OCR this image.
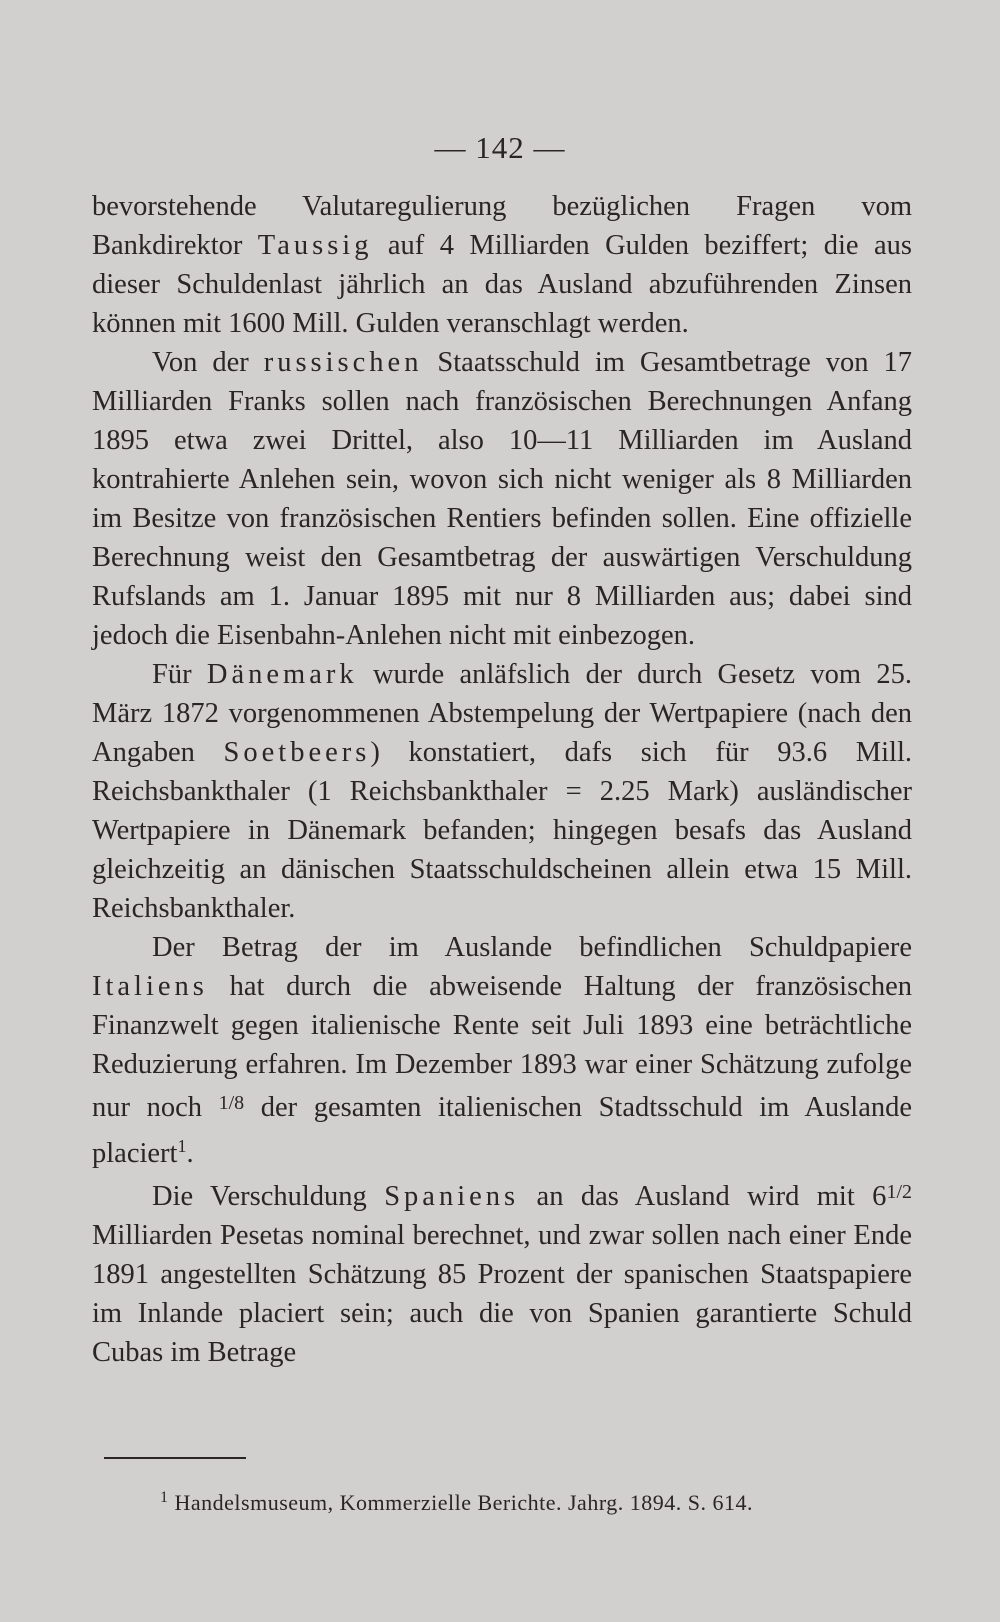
— 142 —

bevorstehende Valutaregulierung bezüglichen Fragen vom Bankdirektor Taussig auf 4 Milliarden Gulden beziffert; die aus dieser Schuldenlast jährlich an das Ausland abzuführenden Zinsen können mit 1600 Mill. Gulden veranschlagt werden.

Von der russischen Staatsschuld im Gesamtbetrage von 17 Milliarden Franks sollen nach französischen Berechnungen Anfang 1895 etwa zwei Drittel, also 10—11 Milliarden im Ausland kontrahierte Anlehen sein, wovon sich nicht weniger als 8 Milliarden im Besitze von französischen Rentiers befinden sollen. Eine offizielle Berechnung weist den Gesamtbetrag der auswärtigen Verschuldung Rufslands am 1. Januar 1895 mit nur 8 Milliarden aus; dabei sind jedoch die Eisenbahn-Anlehen nicht mit einbezogen.

Für Dänemark wurde anläfslich der durch Gesetz vom 25. März 1872 vorgenommenen Abstempelung der Wertpapiere (nach den Angaben Soetbeers) konstatiert, dafs sich für 93.6 Mill. Reichsbankthaler (1 Reichsbankthaler = 2.25 Mark) ausländischer Wertpapiere in Dänemark befanden; hingegen besafs das Ausland gleichzeitig an dänischen Staatsschuldscheinen allein etwa 15 Mill. Reichsbankthaler.

Der Betrag der im Auslande befindlichen Schuldpapiere Italiens hat durch die abweisende Haltung der französischen Finanzwelt gegen italienische Rente seit Juli 1893 eine beträchtliche Reduzierung erfahren. Im Dezember 1893 war einer Schätzung zufolge nur noch $^{1/8}$ der gesamten italienischen Stadtsschuld im Auslande placiert$^1$.

Die Verschuldung Spaniens an das Ausland wird mit $6^{1/2}$ Milliarden Pesetas nominal berechnet, und zwar sollen nach einer Ende 1891 angestellten Schätzung 85 Prozent der spanischen Staatspapiere im Inlande placiert sein; auch die von Spanien garantierte Schuld Cubas im Betrage

$^1$ Handelsmuseum, Kommerzielle Berichte. Jahrg. 1894. S. 614.
